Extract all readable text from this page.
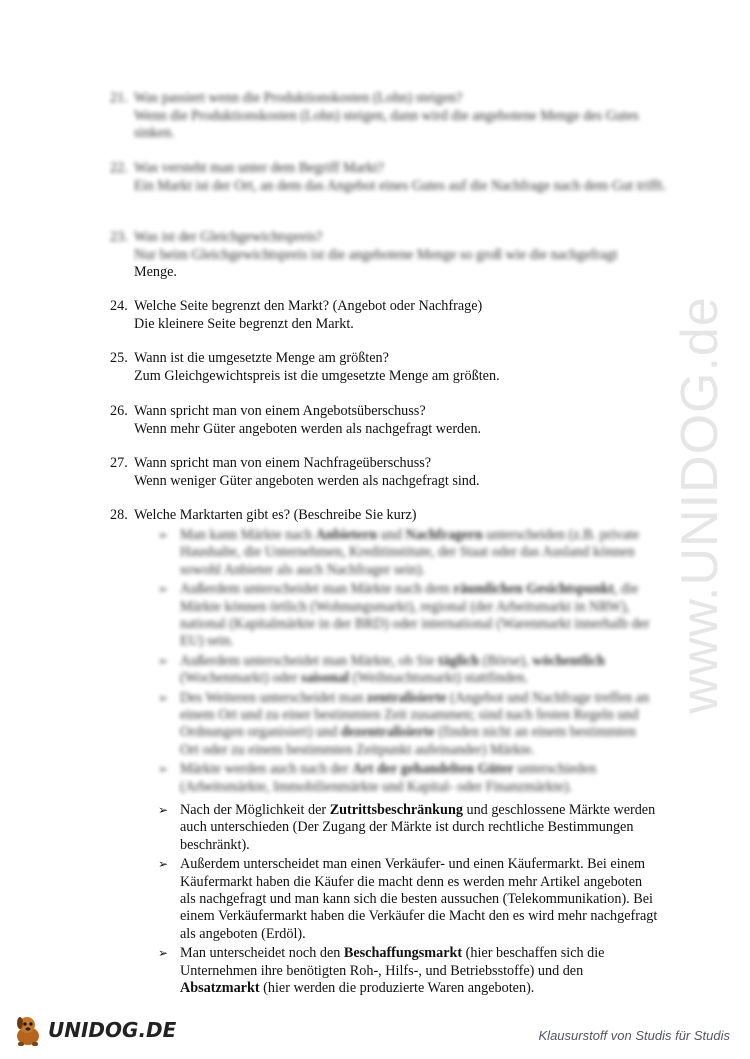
21. Was passiert wenn die Produktionskosten (Lohn) steigen?
Wenn die Produktionskosten (Lohn) steigen, dann wird die angebotene Menge des Gutes sinken.
22. Was versteht man unter dem Begriff Markt?
Ein Markt ist der Ort, an dem das Angebot eines Gutes auf die Nachfrage nach dem Gut trifft.
23. Was ist der Gleichgewichtspreis?
Nur beim Gleichgewichtspreis ist die angebotene Menge so groß wie die nachgefragt
Menge.
24. Welche Seite begrenzt den Markt? (Angebot oder Nachfrage)
Die kleinere Seite begrenzt den Markt.
25. Wann ist die umgesetzte Menge am größten?
Zum Gleichgewichtspreis ist die umgesetzte Menge am größten.
26. Wann spricht man von einem Angebotsüberschuss?
Wenn mehr Güter angeboten werden als nachgefragt werden.
27. Wann spricht man von einem Nachfrageüberschuss?
Wenn weniger Güter angeboten werden als nachgefragt sind.
28. Welche Marktarten gibt es? (Beschreibe Sie kurz)
➢ Man kann Märkte nach Anbietern und Nachfragern unterscheiden (z.B. private Haushalte, die Unternehmen, Kreditinstitute, der Staat oder das Ausland können sowohl Anbieter als auch Nachfrager sein).
➢ Außerdem unterscheidet man Märkte nach dem räumlichen Gesichtspunkt, die Märkte können örtlich (Wohnungsmarkt), regional (der Arbeitsmarkt in NRW), national (Kapitalmärkte in der BRD) oder international (Warenmarkt innerhalb der EU) sein.
➢ Außerdem unterscheidet man Märkte, ob Sie täglich (Börse), wöchentlich (Wochenmarkt) oder saisonal (Weihnachtsmarkt) stattfinden.
➢ Des Weiteren unterscheidet man zentralisierte (Angebot und Nachfrage treffen an einem Ort und zu einer bestimmten Zeit zusammen; sind nach festen Regeln und Ordnungen organisiert) und dezentralisierte (finden nicht an einem bestimmten Ort oder zu einem bestimmten Zeitpunkt aufeinander) Märkte.
➢ Märkte werden auch nach der Art der gehandelten Güter unterschieden (Arbeitsmärkte, Immobilienmärkte und Kapital- oder Finanzmärkte).
➢ Nach der Möglichkeit der Zutrittsbeschränkung und geschlossene Märkte werden auch unterschieden (Der Zugang der Märkte ist durch rechtliche Bestimmungen beschränkt).
➢ Außerdem unterscheidet man einen Verkäufer- und einen Käufermarkt. Bei einem Käufermarkt haben die Käufer die macht denn es werden mehr Artikel angeboten als nachgefragt und man kann sich die besten aussuchen (Telekommunikation). Bei einem Verkäufermarkt haben die Verkäufer die Macht den es wird mehr nachgefragt als angeboten (Erdöl).
➢ Man unterscheidet noch den Beschaffungsmarkt (hier beschaffen sich die Unternehmen ihre benötigten Roh-, Hilfs-, und Betriebsstoffe) und den Absatzmarkt (hier werden die produzierte Waren angeboten).
www.UNIDOG.de
UNIDOG.DE	Klausurstoff von Studis für Studis
